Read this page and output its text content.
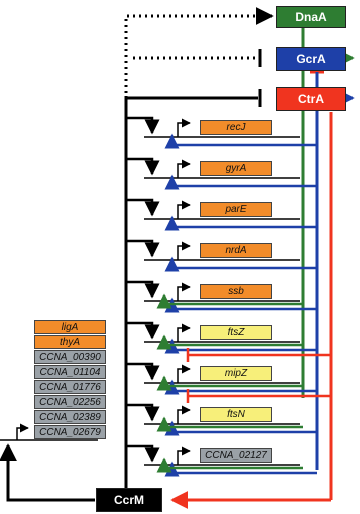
DnaA
GcrA
CtrA
CcrM
recJ
gyrA
parE
nrdA
ssb
ftsZ
mipZ
ftsN
CCNA_02127
ligA
thyA
CCNA_00390
CCNA_01104
CCNA_01776
CCNA_02256
CCNA_02389
CCNA_02679
